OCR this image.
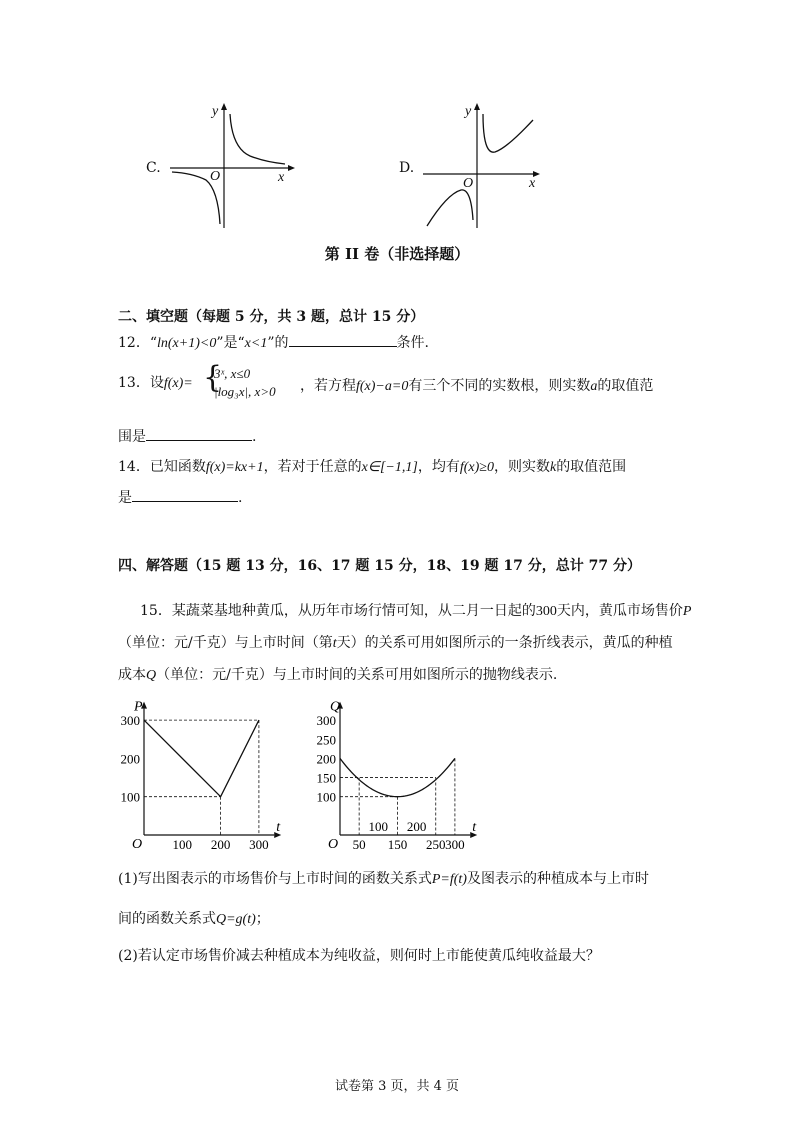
C.
y
x
O
D.
y
x
O
第 II 卷（非选择题）
二、填空题（每题 5 分，共 3 题，总计 15 分）
12．“ln(x+1)<0”是“x<1”的	条件.
13．设f(x)= {
3ˣ, x≤0
|log₃x|, x>0 ，若方程f(x)−a=0有三个不同的实数根，则实数a的取值范
围是	.
14．已知函数f(x)=kx+1，若对于任意的x∈[−1,1]，均有f(x)≥0，则实数k的取值范围
是	.
四、解答题（15 题 13 分，16、17 题 15 分，18、19 题 17 分，总计 77 分）
15．某蔬菜基地种黄瓜，从历年市场行情可知，从二月一日起的300天内，黄瓜市场售价P
（单位：元/千克）与上市时间（第t天）的关系可用如图所示的一条折线表示，黄瓜的种植
成本Q（单位：元/千克）与上市时间的关系可用如图所示的抛物线表示.
P
t
O
100
200
300
100 200 300
Q
t
O
100
150
200
250
300
50 150 250 300
100 200
(1)写出图表示的市场售价与上市时间的函数关系式P=f(t)及图表示的种植成本与上市时
间的函数关系式Q=g(t)；
(2)若认定市场售价减去种植成本为纯收益，则何时上市能使黄瓜纯收益最大？
试卷第 3 页，共 4 页
